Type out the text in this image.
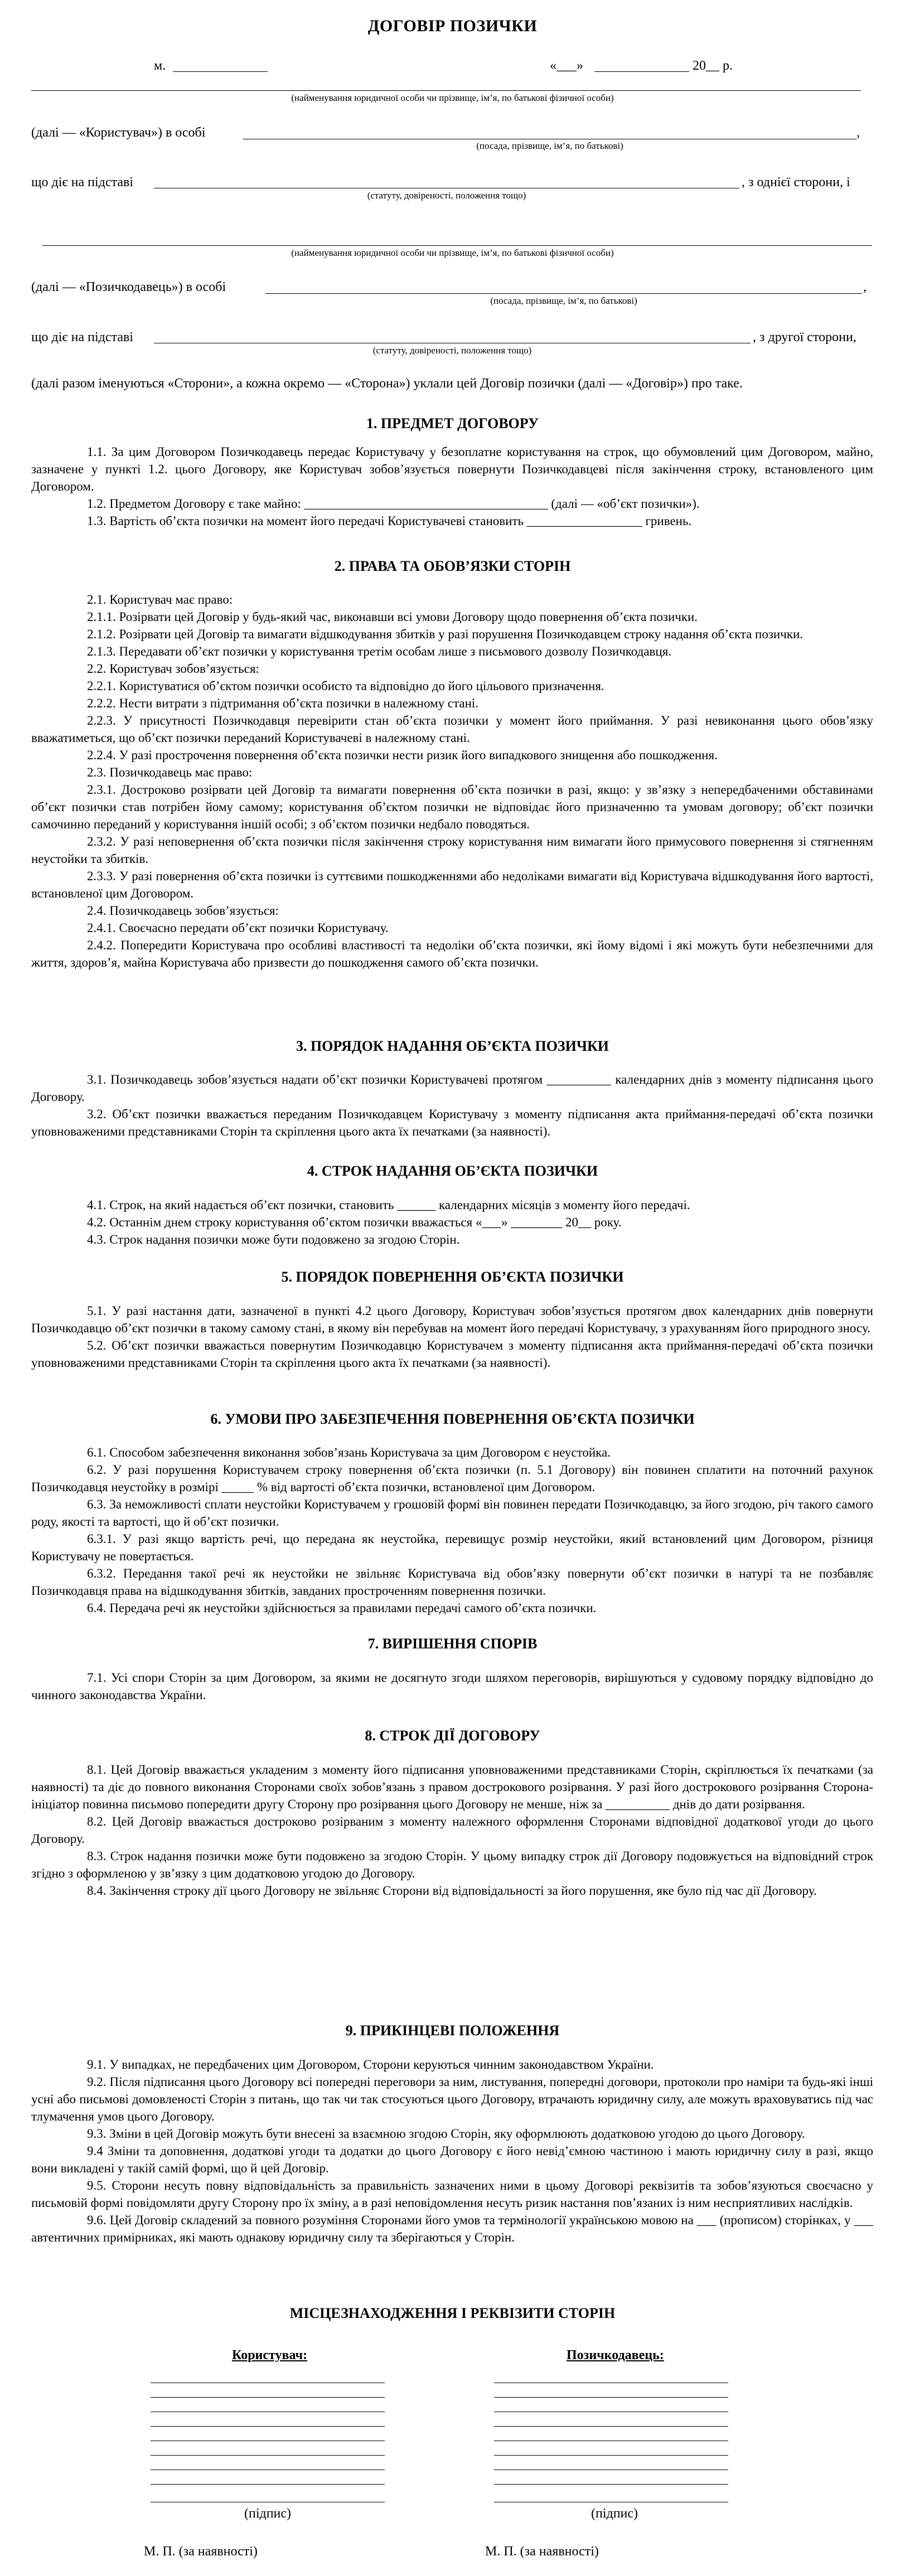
ДОГОВІР ПОЗИЧКИ
м.	«___»	20__ р.
(найменування юридичної особи чи прізвище, ім’я, по батькові фізичної особи)
(далі — «Користувач») в особі	,
(посада, прізвище, ім’я, по батькові)
що діє на підставі	, з однієї сторони, і
(статуту, довіреності, положення тощо)
(найменування юридичної особи чи прізвище, ім’я, по батькові фізичної особи)
(далі — «Позичкодавець») в особі	,
(посада, прізвище, ім’я, по батькові)
що діє на підставі	, з другої сторони,
(статуту, довіреності, положення тощо)
(далі разом іменуються «Сторони», а кожна окремо — «Сторона») уклали цей Договір позички (далі — «Договір») про таке.
1. ПРЕДМЕТ ДОГОВОРУ

1.1. За цим Договором Позичкодавець передає Користувачу у безоплатне користування на строк, що обумовлений цим Договором, майно, зазначене у пункті 1.2. цього Договору, яке Користувач зобов’язується повернути Позичкодавцеві після закінчення строку, встановленого цим Договором.

1.2. Предметом Договору є таке майно: ______________________________________ (далі — «об’єкт позички»).

1.3. Вартість об’єкта позички на момент його передачі Користувачеві становить __________________ гривень.

2. ПРАВА ТА ОБОВ’ЯЗКИ СТОРІН

2.1. Користувач має право:

2.1.1. Розірвати цей Договір у будь-який час, виконавши всі умови Договору щодо повернення об’єкта позички.

2.1.2. Розірвати цей Договір та вимагати відшкодування збитків у разі порушення Позичкодавцем строку надання об’єкта позички.

2.1.3. Передавати об’єкт позички у користування третім особам лише з письмового дозволу Позичкодавця.

2.2. Користувач зобов’язується:

2.2.1. Користуватися об’єктом позички особисто та відповідно до його цільового призначення.

2.2.2. Нести витрати з підтримання об’єкта позички в належному стані.

2.2.3. У присутності Позичкодавця перевірити стан об’єкта позички у момент його приймання. У разі невиконання цього обов’язку вважатиметься, що об’єкт позички переданий Користувачеві в належному стані.

2.2.4. У разі прострочення повернення об’єкта позички нести ризик його випадкового знищення або пошкодження.

2.3. Позичкодавець має право:

2.3.1. Достроково розірвати цей Договір та вимагати повернення об’єкта позички в разі, якщо: у зв’язку з непередбаченими обставинами об’єкт позички став потрібен йому самому; користування об’єктом позички не відповідає його призначенню та умовам договору; об’єкт позички самочинно переданий у користування іншій особі; з об’єктом позички недбало поводяться.

2.3.2. У разі неповернення об’єкта позички після закінчення строку користування ним вимагати його примусового повернення зі стягненням неустойки та збитків.

2.3.3. У разі повернення об’єкта позички із суттєвими пошкодженнями або недоліками вимагати від Користувача відшкодування його вартості, встановленої цим Договором.

2.4. Позичкодавець зобов’язується:

2.4.1. Своєчасно передати об’єкт позички Користувачу.

2.4.2. Попередити Користувача про особливі властивості та недоліки об’єкта позички, які йому відомі і які можуть бути небезпечними для життя, здоров’я, майна Користувача або призвести до пошкодження самого об’єкта позички.

3. ПОРЯДОК НАДАННЯ ОБ’ЄКТА ПОЗИЧКИ

3.1. Позичкодавець зобов’язується надати об’єкт позички Користувачеві протягом __________ календарних днів з моменту підписання цього Договору.

3.2. Об’єкт позички вважається переданим Позичкодавцем Користувачу з моменту підписання акта приймання-передачі об’єкта позички уповноваженими представниками Сторін та скріплення цього акта їх печатками (за наявності).

4. СТРОК НАДАННЯ ОБ’ЄКТА ПОЗИЧКИ

4.1. Строк, на який надається об’єкт позички, становить ______ календарних місяців з моменту його передачі.

4.2. Останнім днем строку користування об’єктом позички вважається «___» ________ 20__ року.

4.3. Строк надання позички може бути подовжено за згодою Сторін.

5. ПОРЯДОК ПОВЕРНЕННЯ ОБ’ЄКТА ПОЗИЧКИ

5.1. У разі настання дати, зазначеної в пункті 4.2 цього Договору, Користувач зобов’язується протягом двох календарних днів повернути Позичкодавцю об’єкт позички в такому самому стані, в якому він перебував на момент його передачі Користувачу, з урахуванням його природного зносу.

5.2. Об’єкт позички вважається повернутим Позичкодавцю Користувачем з моменту підписання акта приймання-передачі об’єкта позички уповноваженими представниками Сторін та скріплення цього акта їх печатками (за наявності).

6. УМОВИ ПРО ЗАБЕЗПЕЧЕННЯ ПОВЕРНЕННЯ ОБ’ЄКТА ПОЗИЧКИ

6.1. Способом забезпечення виконання зобов’язань Користувача за цим Договором є неустойка.

6.2. У разі порушення Користувачем строку повернення об’єкта позички (п. 5.1 Договору) він повинен сплатити на поточний рахунок Позичкодавця неустойку в розмірі _____ % від вартості об’єкта позички, встановленої цим Договором.

6.3. За неможливості сплати неустойки Користувачем у грошовій формі він повинен передати Позичкодавцю, за його згодою, річ такого самого роду, якості та вартості, що й об’єкт позички.

6.3.1. У разі якщо вартість речі, що передана як неустойка, перевищує розмір неустойки, який встановлений цим Договором, різниця Користувачу не повертається.

6.3.2. Передання такої речі як неустойки не звільняє Користувача від обов’язку повернути об’єкт позички в натурі та не позбавляє Позичкодавця права на відшкодування збитків, завданих простроченням повернення позички.

6.4. Передача речі як неустойки здійснюється за правилами передачі самого об’єкта позички.

7. ВИРІШЕННЯ СПОРІВ

7.1. Усі спори Сторін за цим Договором, за якими не досягнуто згоди шляхом переговорів, вирішуються у судовому порядку відповідно до чинного законодавства України.

8. СТРОК ДІЇ ДОГОВОРУ

8.1. Цей Договір вважається укладеним з моменту його підписання уповноваженими представниками Сторін, скріплюється їх печатками (за наявності) та діє до повного виконання Сторонами своїх зобов’язань з правом дострокового розірвання. У разі його дострокового розірвання Сторона-ініціатор повинна письмово попередити другу Сторону про розірвання цього Договору не менше, ніж за __________ днів до дати розірвання.

8.2. Цей Договір вважається достроково розірваним з моменту належного оформлення Сторонами відповідної додаткової угоди до цього Договору.

8.3. Строк надання позички може бути подовжено за згодою Сторін. У цьому випадку строк дії Договору подовжується на відповідний строк згідно з оформленою у зв’язку з цим додатковою угодою до Договору.

8.4. Закінчення строку дії цього Договору не звільняє Сторони від відповідальності за його порушення, яке було під час дії Договору.

9. ПРИКІНЦЕВІ ПОЛОЖЕННЯ

9.1. У випадках, не передбачених цим Договором, Сторони керуються чинним законодавством України.

9.2. Після підписання цього Договору всі попередні переговори за ним, листування, попередні договори, протоколи про наміри та будь-які інші усні або письмові домовленості Сторін з питань, що так чи так стосуються цього Договору, втрачають юридичну силу, але можуть враховуватись під час тлумачення умов цього Договору.

9.3. Зміни в цей Договір можуть бути внесені за взаємною згодою Сторін, яку оформлюють додатковою угодою до цього Договору.

9.4 Зміни та доповнення, додаткові угоди та додатки до цього Договору є його невід’ємною частиною і мають юридичну силу в разі, якщо вони викладені у такій самій формі, що й цей Договір.

9.5. Сторони несуть повну відповідальність за правильність зазначених ними в цьому Договорі реквізитів та зобов’язуються своєчасно у письмовій формі повідомляти другу Сторону про їх зміну, а в разі неповідомлення несуть ризик настання пов’язаних із ним несприятливих наслідків.

9.6. Цей Договір складений за повного розуміння Сторонами його умов та термінології українською мовою на ___ (прописом) сторінках, у ___ автентичних примірниках, які мають однакову юридичну силу та зберігаються у Сторін.

МІСЦЕЗНАХОДЖЕННЯ І РЕКВІЗИТИ СТОРІН
Користувач:	Позичкодавець:
(підпис)	(підпис)
М. П. (за наявності)	М. П. (за наявності)
